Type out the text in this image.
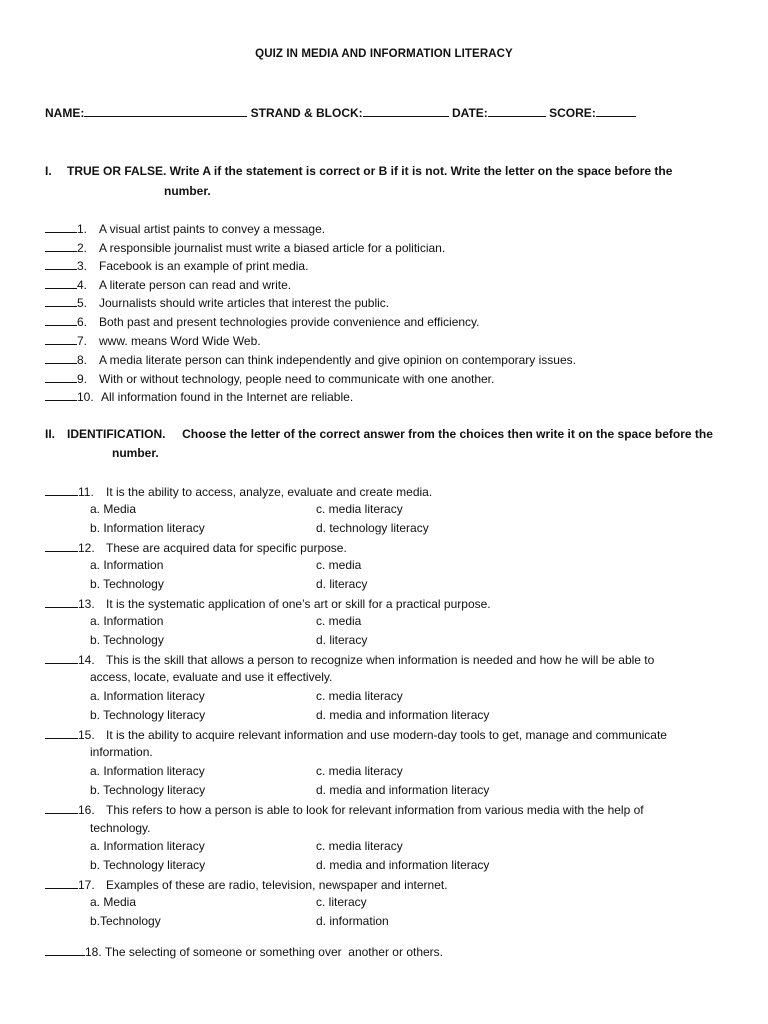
QUIZ IN MEDIA AND INFORMATION LITERACY
NAME:	STRAND & BLOCK:	DATE:	SCORE:
I. TRUE OR FALSE. Write A if the statement is correct or B if it is not. Write the letter on the space before the
number.
1. A visual artist paints to convey a message.
2. A responsible journalist must write a biased article for a politician.
3. Facebook is an example of print media.
4. A literate person can read and write.
5. Journalists should write articles that interest the public.
6. Both past and present technologies provide convenience and efficiency.
7. www. means Word Wide Web.
8. A media literate person can think independently and give opinion on contemporary issues.
9. With or without technology, people need to communicate with one another.
10. All information found in the Internet are reliable.
II. IDENTIFICATION.     Choose the letter of the correct answer from the choices then write it on the space before the
number.
11. It is the ability to access, analyze, evaluate and create media.
a. Media	c. media literacy
b. Information literacy	d. technology literacy
12. These are acquired data for specific purpose.
a. Information	c. media
b. Technology	d. literacy
13. It is the systematic application of one’s art or skill for a practical purpose.
a. Information	c. media
b. Technology	d. literacy
14. This is the skill that allows a person to recognize when information is needed and how he will be able to
access, locate, evaluate and use it effectively.
a. Information literacy	c. media literacy
b. Technology literacy	d. media and information literacy
15. It is the ability to acquire relevant information and use modern-day tools to get, manage and communicate
information.
a. Information literacy	c. media literacy
b. Technology literacy	d. media and information literacy
16. This refers to how a person is able to look for relevant information from various media with the help of
technology.
a. Information literacy	c. media literacy
b. Technology literacy	d. media and information literacy
17. Examples of these are radio, television, newspaper and internet.
a. Media	c. literacy
b.Technology	d. information
18. The selecting of someone or something over  another or others.
